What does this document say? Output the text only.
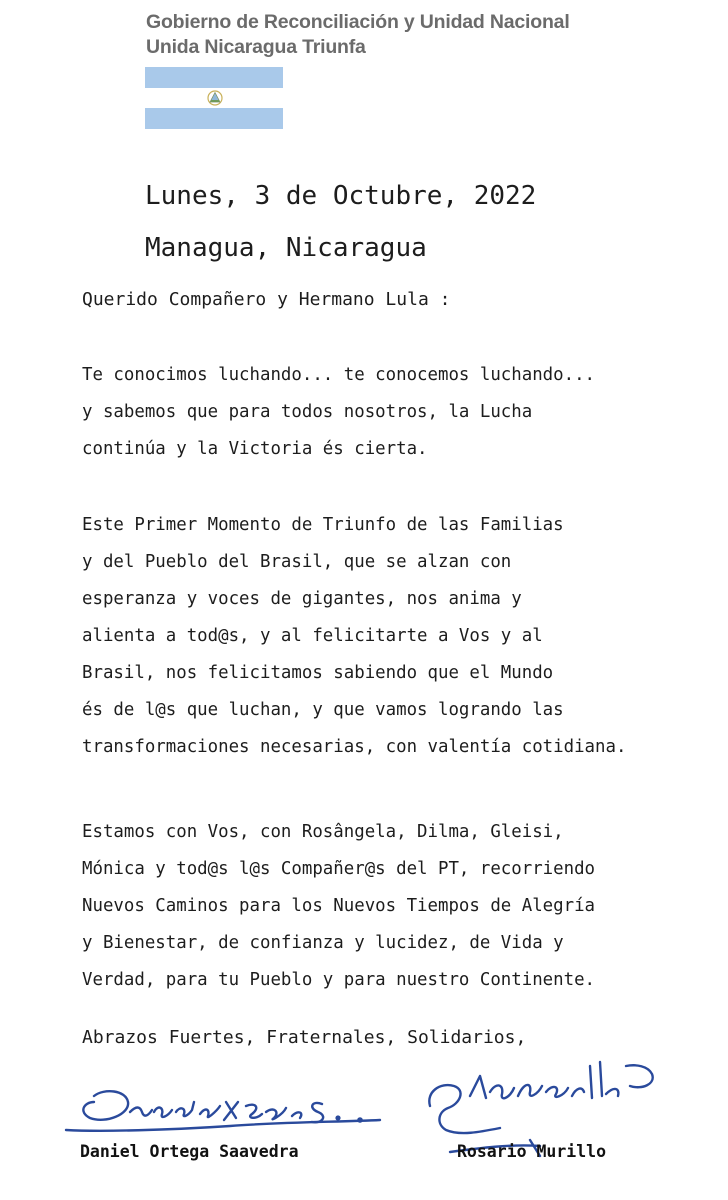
Gobierno de Reconciliación y Unidad Nacional
Unida Nicaragua Triunfa
Lunes, 3 de Octubre, 2022
Managua, Nicaragua
Querido Compañero y Hermano Lula :
Te conocimos luchando... te conocemos luchando...
y sabemos que para todos nosotros, la Lucha
continúa y la Victoria és cierta.
Este Primer Momento de Triunfo de las Familias
y del Pueblo del Brasil, que se alzan con
esperanza y voces de gigantes, nos anima y
alienta a tod@s, y al felicitarte a Vos y al
Brasil, nos felicitamos sabiendo que el Mundo
és de l@s que luchan, y que vamos logrando las
transformaciones necesarias, con valentía cotidiana.
Estamos con Vos, con Rosângela, Dilma, Gleisi,
Mónica y tod@s l@s Compañer@s del PT, recorriendo
Nuevos Caminos para los Nuevos Tiempos de Alegría
y Bienestar, de confianza y lucidez, de Vida y
Verdad, para tu Pueblo y para nuestro Continente.
Abrazos Fuertes, Fraternales, Solidarios,
Daniel Ortega Saavedra	Rosario Murillo
